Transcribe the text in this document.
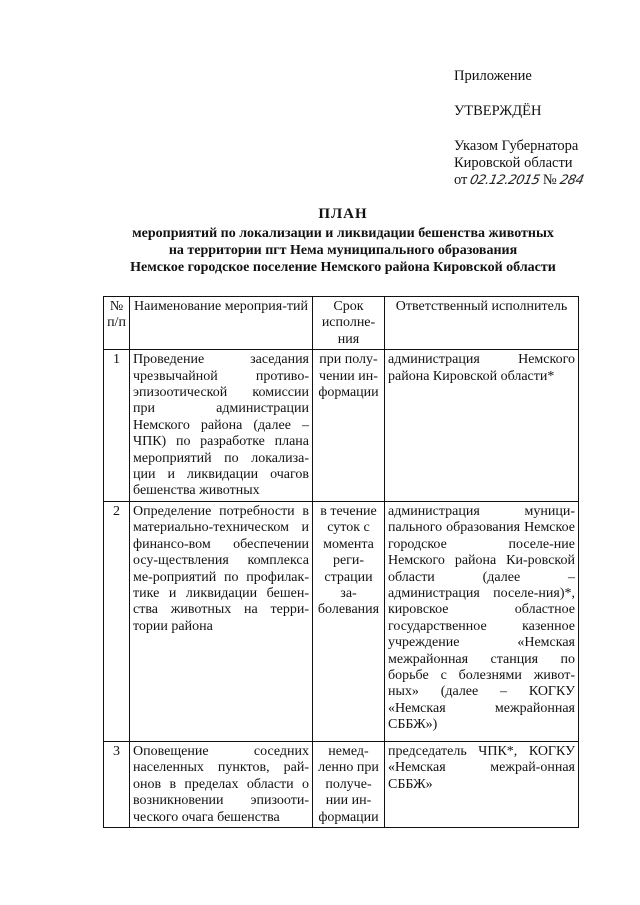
Приложение
УТВЕРЖДЁН
Указом Губернатора
Кировской области
от 02.12.2015 № 284
ПЛАН
мероприятий по локализации и ликвидации бешенства животных
на территории пгт Нема муниципального образования
Немское городское поселение Немского района Кировской области
№ п/п	Наименование мероприя-тий	Срок исполне-ния	Ответственный исполнитель
1	Проведение заседания чрезвычайной противо-эпизоотической комиссии при администрации Немского района (далее – ЧПК) по разработке плана мероприятий по локализа-ции и ликвидации очагов бешенства животных	при полу-чении ин-формации	администрация Немского района Кировской области*
2	Определение потребности в материально-техническом и финансо-вом обеспечении осу-ществления комплекса ме-роприятий по профилак-тике и ликвидации бешен-ства животных на терри-тории района	в течение суток с момента реги-страции за-болевания	администрация муници-пального образования Немское городское поселе-ние Немского района Ки-ровской области (далее – администрация поселе-ния)*, кировское областное государственное казенное учреждение «Немская межрайонная станция по борьбе с болезнями живот-ных» (далее – КОГКУ «Немская межрайонная СББЖ»)
3	Оповещение соседних населенных пунктов, рай-онов в пределах области о возникновении эпизооти-ческого очага бешенства	немед-ленно при получе-нии ин-формации	председатель ЧПК*, КОГКУ «Немская межрай-онная СББЖ»
